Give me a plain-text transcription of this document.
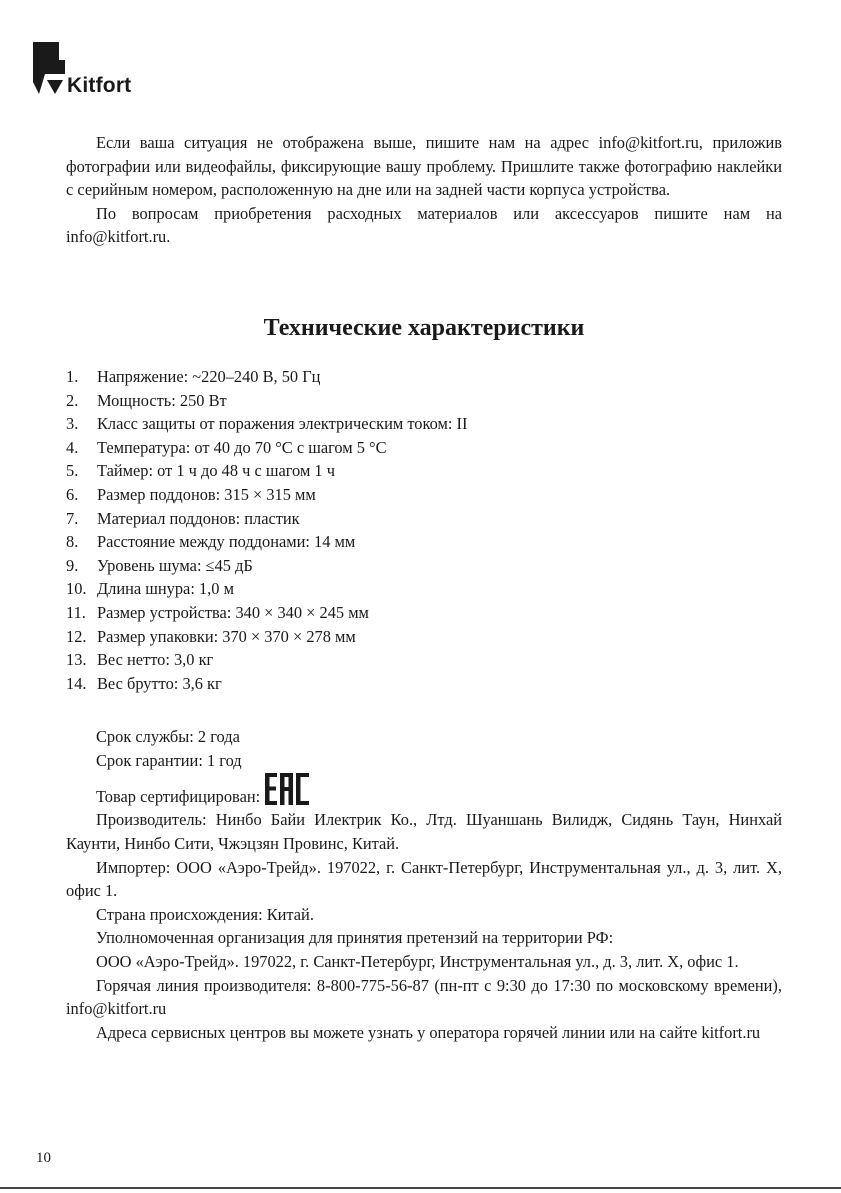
Kitfort

Если ваша ситуация не отображена выше, пишите нам на адрес info@kitfort.ru, приложив фотографии или видеофайлы, фиксирующие вашу проблему. Пришлите также фотографию наклейки с серийным номером, расположенную на дне или на задней части корпуса устройства.

По вопросам приобретения расходных материалов или аксессуаров пишите нам на info@kitfort.ru.

Технические характеристики
1.	Напряжение: ~220–240 В, 50 Гц
2.	Мощность: 250 Вт
3.	Класс защиты от поражения электрическим током: II
4.	Температура: от 40 до 70 °С с шагом 5 °С
5.	Таймер: от 1 ч до 48 ч с шагом 1 ч
6.	Размер поддонов: 315 × 315 мм
7.	Материал поддонов: пластик
8.	Расстояние между поддонами: 14 мм
9.	Уровень шума: ≤45 дБ
10. Длина шнура: 1,0 м
11. Размер устройства: 340 × 340 × 245 мм
12. Размер упаковки: 370 × 370 × 278 мм
13. Вес нетто: 3,0 кг
14. Вес брутто: 3,6 кг

Срок службы: 2 года

Срок гарантии: 1 год

Товар сертифицирован:

Производитель: Нинбо Байи Илектрик Ко., Лтд. Шуаншань Вилидж, Сидянь Таун, Нинхай Каунти, Нинбо Сити, Чжэцзян Провинс, Китай.

Импортер: ООО «Аэро-Трейд». 197022, г. Санкт-Петербург, Инструментальная ул., д. 3, лит. Х, офис 1.

Страна происхождения: Китай.

Уполномоченная организация для принятия претензий на территории РФ:

ООО «Аэро-Трейд». 197022, г. Санкт-Петербург, Инструментальная ул., д. 3, лит. Х, офис 1.

Горячая линия производителя: 8-800-775-56-87 (пн-пт с 9:30 до 17:30 по московскому времени), info@kitfort.ru

Адреса сервисных центров вы можете узнать у оператора горячей линии или на сайте kitfort.ru

10
